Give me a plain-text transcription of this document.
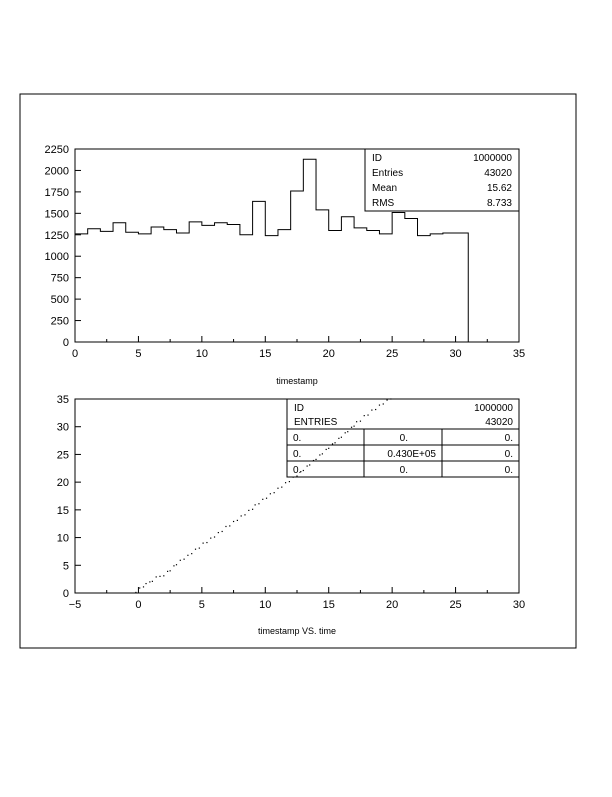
0	5	10	15	20	25	30	35
0
250
500
750
1000
1250
1500
1750
2000
2250
timestamp
ID	1000000
Entries	43020
Mean	15.62
RMS	8.733
−5	0	5	10	15	20	25	30
0
5
10
15
20
25
30
35
timestamp VS. time
ID	1000000
ENTRIES	43020
0.	0.	0.
0.	0.430E+05	0.
0.	0.	0.
